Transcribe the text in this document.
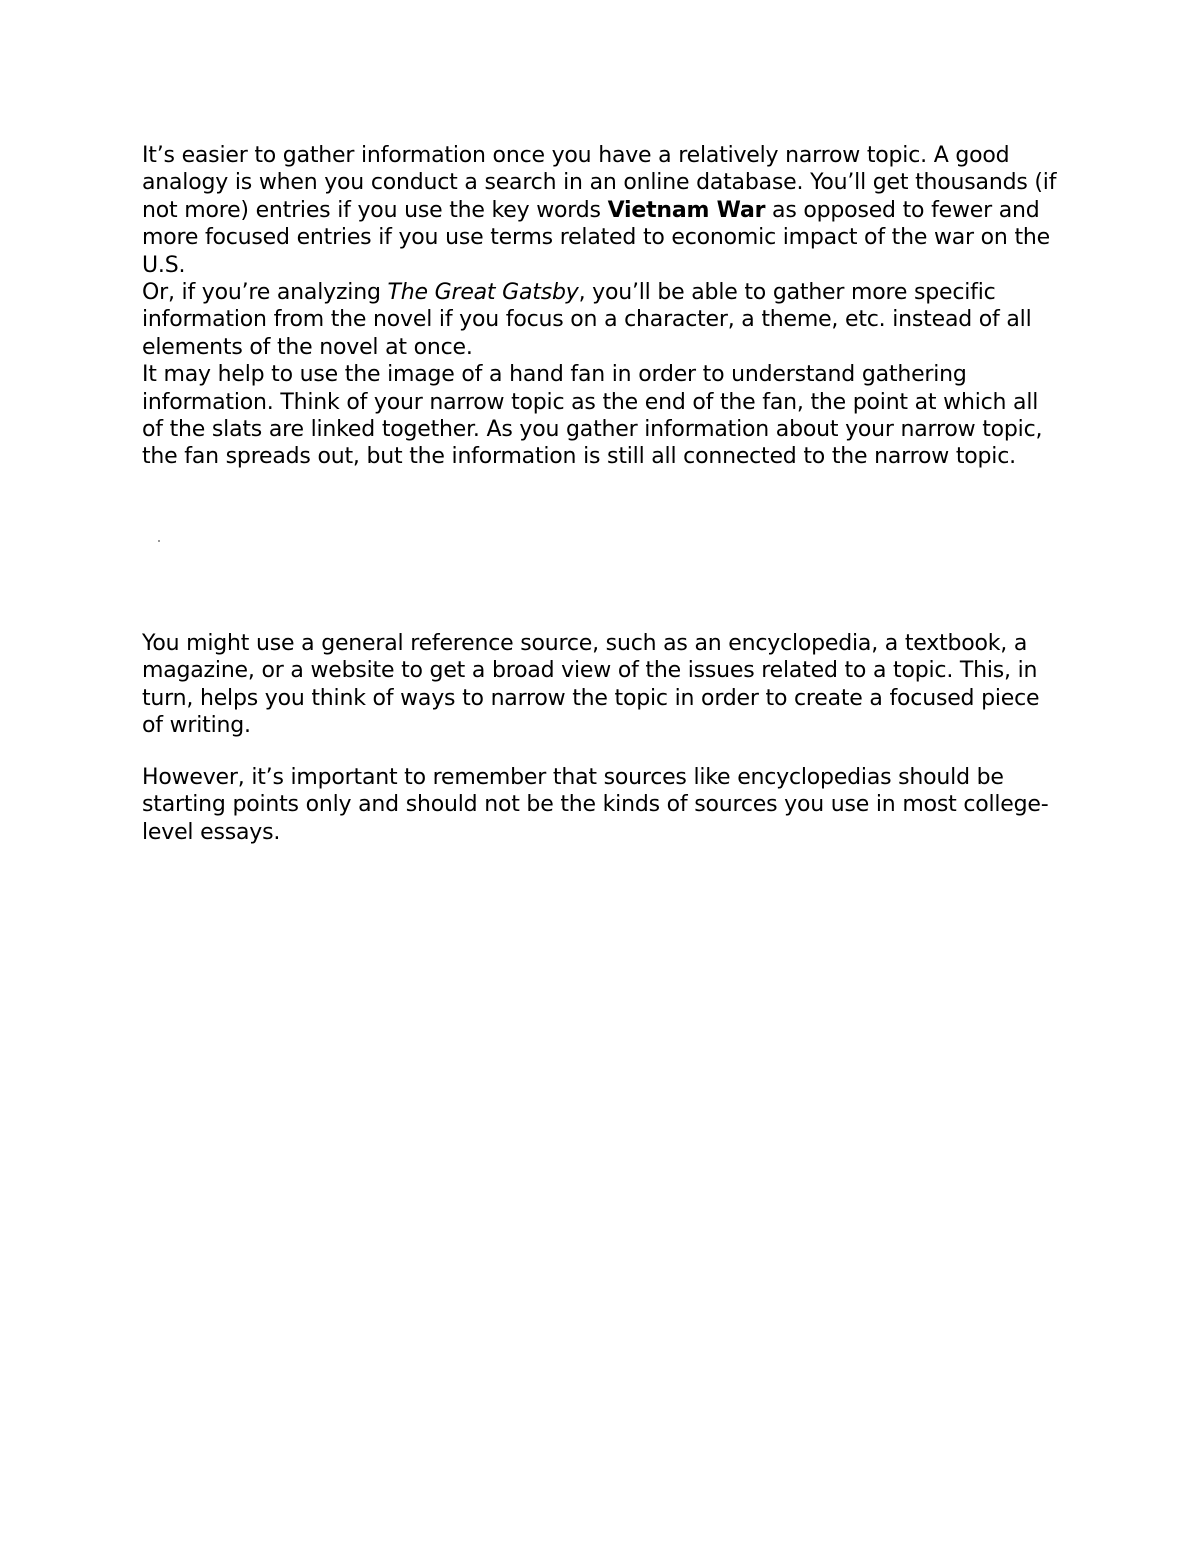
It’s easier to gather information once you have a relatively narrow topic. A good analogy is when you conduct a search in an online database. You’ll get thousands (if not more) entries if you use the key words Vietnam War as opposed to fewer and more focused entries if you use terms related to economic impact of the war on the U.S.

Or, if you’re analyzing The Great Gatsby, you’ll be able to gather more specific information from the novel if you focus on a character, a theme, etc. instead of all elements of the novel at once.

It may help to use the image of a hand fan in order to understand gathering information. Think of your narrow topic as the end of the fan, the point at which all of the slats are linked together. As you gather information about your narrow topic, the fan spreads out, but the information is still all connected to the narrow topic.

You might use a general reference source, such as an encyclopedia, a textbook, a magazine, or a website to get a broad view of the issues related to a topic. This, in turn, helps you think of ways to narrow the topic in order to create a focused piece of writing.

However, it’s important to remember that sources like encyclopedias should be starting points only and should not be the kinds of sources you use in most college-level essays.
